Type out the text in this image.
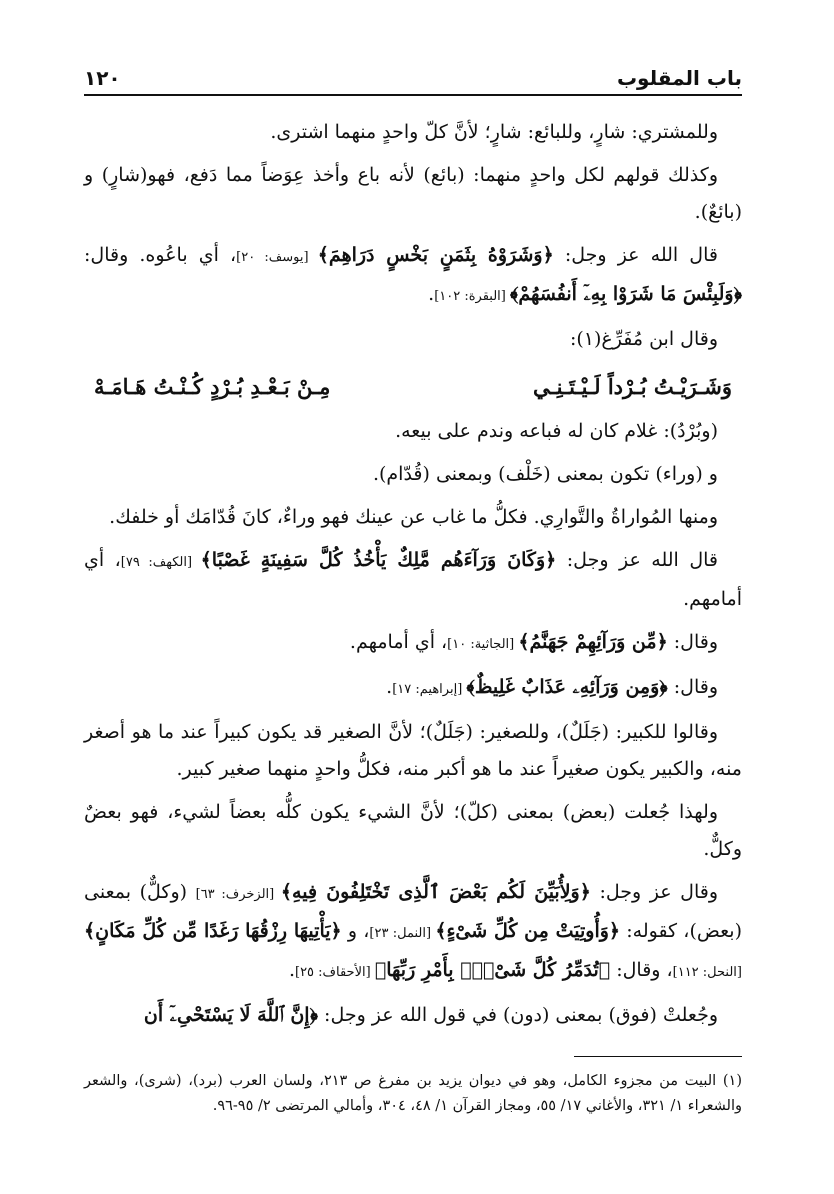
باب المقلوب
١٢٠

وللمشتري: شارٍ، وللبائع: شارٍ؛ لأنَّ كلّ واحدٍ منهما اشترى.

وكذلك قولهم لكل واحدٍ منهما: (بائع) لأنه باع وأخذ عِوَضاً مما دَفع، فهو(شارٍ) و (بائعٌ).

قال الله عز وجل: ﴿وَشَرَوْهُ بِثَمَنٍ بَخْسٍ دَرَاهِمَ﴾ [يوسف: ٢٠]، أي باعُوه. وقال: ﴿وَلَبِئْسَ مَا شَرَوْا بِهِۦٓ أَنفُسَهُمْ﴾ [البقرة: ١٠٢].

وقال ابن مُفَرِّغ(١):

وَشَـرَيْـتُ بُـرْداً لَـيْـتَـنِـي
مِـنْ بَـعْـدِ بُـرْدٍ كُـنْـتُ هَـامَـهْ

(وبُرْدُ): غلام كان له فباعه وندم على بيعه.

و (وراء) تكون بمعنى (خَلْف) وبمعنى (قُدّام).

ومنها المُواراةُ والتَّوارِي. فكلُّ ما غاب عن عينك فهو وراءٌ، كانَ قُدّامَك أو خلفك.

قال الله عز وجل: ﴿وَكَانَ وَرَآءَهُم مَّلِكٌ يَأْخُذُ كُلَّ سَفِينَةٍ غَصْبًا﴾ [الكهف: ٧٩]، أي أمامهم.

وقال: ﴿مِّن وَرَآئِهِمْ جَهَنَّمُ﴾ [الجاثية: ١٠]، أي أمامهم.

وقال: ﴿وَمِن وَرَآئِهِۦ عَذَابٌ غَلِيظٌ﴾ [إبراهيم: ١٧].

وقالوا للكبير: (جَلَلٌ)، وللصغير: (جَلَلٌ)؛ لأنَّ الصغير قد يكون كبيراً عند ما هو أصغر منه، والكبير يكون صغيراً عند ما هو أكبر منه، فكلُّ واحدٍ منهما صغير كبير.

ولهذا جُعلت (بعض) بمعنى (كلّ)؛ لأنَّ الشيء يكون كلُّه بعضاً لشيء، فهو بعضٌ وكلٌّ.

وقال عز وجل: ﴿وَلِأُبَيِّنَ لَكُم بَعْضَ ٱلَّذِى تَخْتَلِفُونَ فِيهِ﴾ [الزخرف: ٦٣] (وكلٌّ) بمعنى (بعض)، كقوله: ﴿وَأُوتِيَتْ مِن كُلِّ شَىْءٍ﴾ [النمل: ٢٣]، و ﴿يَأْتِيهَا رِزْقُهَا رَغَدًا مِّن كُلِّ مَكَانٍ﴾ [النحل: ١١٢]، وقال: ﴿تُدَمِّرُ كُلَّ شَىْءٍۭ بِأَمْرِ رَبِّهَا﴾ [الأحقاف: ٢٥].

وجُعلتْ (فوق) بمعنى (دون) في قول الله عز وجل: ﴿إِنَّ ٱللَّهَ لَا يَسْتَحْىِۦٓ أَن

(١) البيت من مجزوء الكامل، وهو في ديوان يزيد بن مفرغ ص ٢١٣، ولسان العرب (برد)، (شرى)، والشعر والشعراء ١/ ٣٢١، والأغاني ١٧/ ٥٥، ومجاز القرآن ١/ ٤٨، ٣٠٤، وأمالي المرتضى ٢/ ٩٥-٩٦.
